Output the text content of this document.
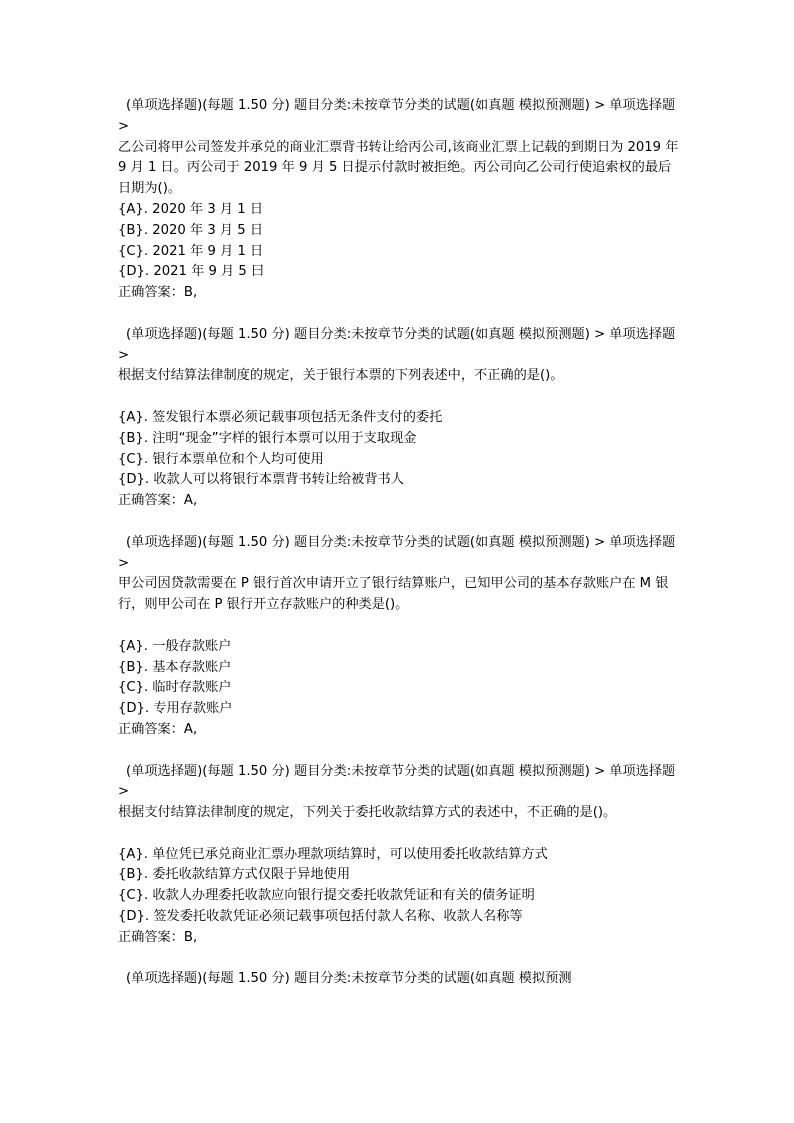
(单项选择题)(每题 1.50 分) 题目分类:未按章节分类的试题(如真题 模拟预测题) > 单项选择题 >

乙公司将甲公司签发并承兑的商业汇票背书转让给丙公司,该商业汇票上记载的到期日为 2019 年 9 月 1 日。丙公司于 2019 年 9 月 5 日提示付款时被拒绝。丙公司向乙公司行使追索权的最后日期为()。

{A}. 2020 年 3 月 1 日

{B}. 2020 年 3 月 5 日

{C}. 2021 年 9 月 1 日

{D}. 2021 年 9 月 5 曰

正确答案：B,

(单项选择题)(每题 1.50 分) 题目分类:未按章节分类的试题(如真题 模拟预测题) > 单项选择题 >

根据支付结算法律制度的规定，关于银行本票的下列表述中，不正确的是()。

{A}. 签发银行本票必须记载事项包括无条件支付的委托

{B}. 注明“现金”字样的银行本票可以用于支取现金

{C}. 银行本票单位和个人均可使用

{D}. 收款人可以将银行本票背书转让给被背书人

正确答案：A,

(单项选择题)(每题 1.50 分) 题目分类:未按章节分类的试题(如真题 模拟预测题) > 单项选择题 >

甲公司因贷款需要在 P 银行首次申请开立了银行结算账户，已知甲公司的基本存款账户在 M 银行，则甲公司在 P 银行开立存款账户的种类是()。

{A}. 一般存款账户

{B}. 基本存款账户

{C}. 临时存款账户

{D}. 专用存款账户

正确答案：A,

(单项选择题)(每题 1.50 分) 题目分类:未按章节分类的试题(如真题 模拟预测题) > 单项选择题 >

根据支付结算法律制度的规定，下列关于委托收款结算方式的表述中，不正确的是()。

{A}. 单位凭已承兑商业汇票办理款项结算时，可以使用委托收款结算方式

{B}. 委托收款结算方式仅限于异地使用

{C}. 收款人办理委托收款应向银行提交委托收款凭证和有关的债务证明

{D}. 签发委托收款凭证必须记载事项包括付款人名称、收款人名称等

正确答案：B,

(单项选择题)(每题 1.50 分) 题目分类:未按章节分类的试题(如真题 模拟预测
